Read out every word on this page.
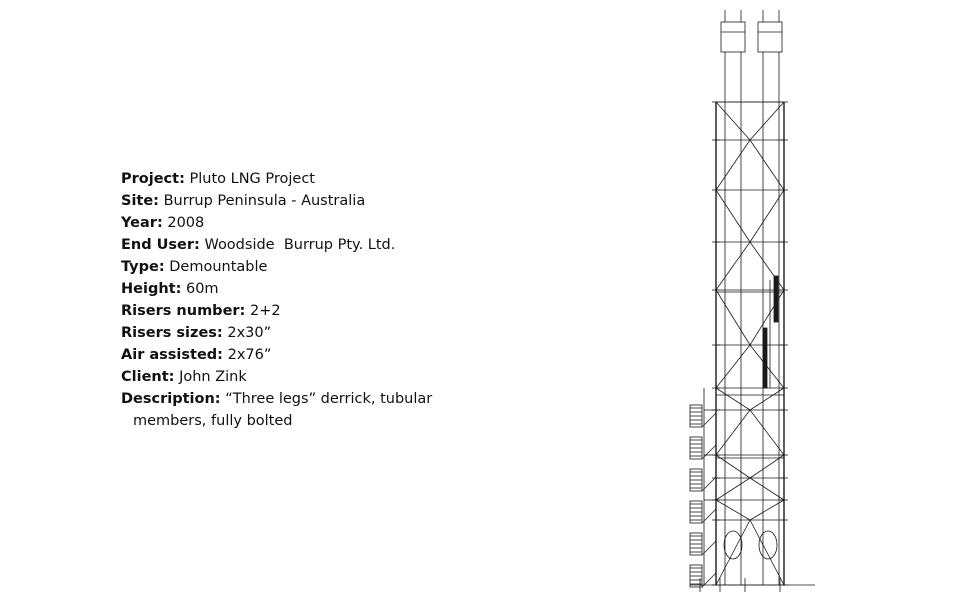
Project: Pluto LNG Project
Site: Burrup Peninsula - Australia
Year: 2008
End User: Woodside  Burrup Pty. Ltd.
Type: Demountable
Height: 60m
Risers number: 2+2
Risers sizes: 2x30”
Air assisted: 2x76”
Client: John Zink
Description: “Three legs” derrick, tubular
members, fully bolted
